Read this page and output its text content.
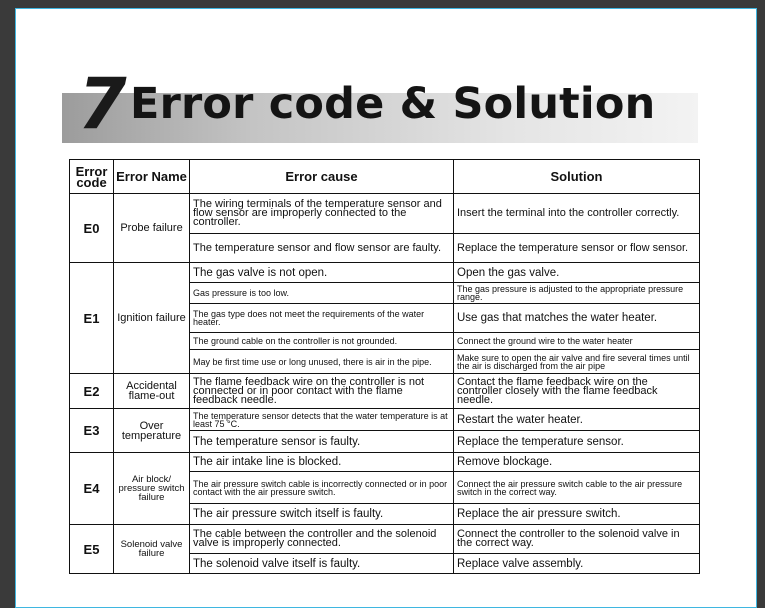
7 Error code & Solution
Error code	Error Name	Error cause	Solution
E0	Probe failure	The wiring terminals of the temperature sensor and flow sensor are improperly connected to the controller.	Insert the terminal into the controller correctly.
		The temperature sensor and flow sensor are faulty.	Replace the temperature sensor or flow sensor.
E1	Ignition failure	The gas valve is not open.	Open the gas valve.
		Gas pressure is too low.	The gas pressure is adjusted to the appropriate pressure range.
		The gas type does not meet the requirements of the water heater.	Use gas that matches the water heater.
		The ground cable on the controller is not grounded.	Connect the ground wire to the water heater
		May be first time use or long unused, there is air in the pipe.	Make sure to open the air valve and fire several times until the air is discharged from the air pipe
E2	Accidental flame-out	The flame feedback wire on the controller is not connected or in poor contact with the flame feedback needle.	Contact the flame feedback wire on the controller closely with the flame feedback needle.
E3	Over temperature	The temperature sensor detects that the water temperature is at least 75 °C.	Restart the water heater.
		The temperature sensor is faulty.	Replace the temperature sensor.
E4	Air block/ pressure switch failure	The air intake line is blocked.	Remove blockage.
		The air pressure switch cable is incorrectly connected or in poor contact with the air pressure switch.	Connect the air pressure switch cable to the air pressure switch in the correct way.
		The air pressure switch itself is faulty.	Replace the air pressure switch.
E5	Solenoid valve failure	The cable between the controller and the solenoid valve is improperly connected.	Connect the controller to the solenoid valve in the correct way.
		The solenoid valve itself is faulty.	Replace valve assembly.
